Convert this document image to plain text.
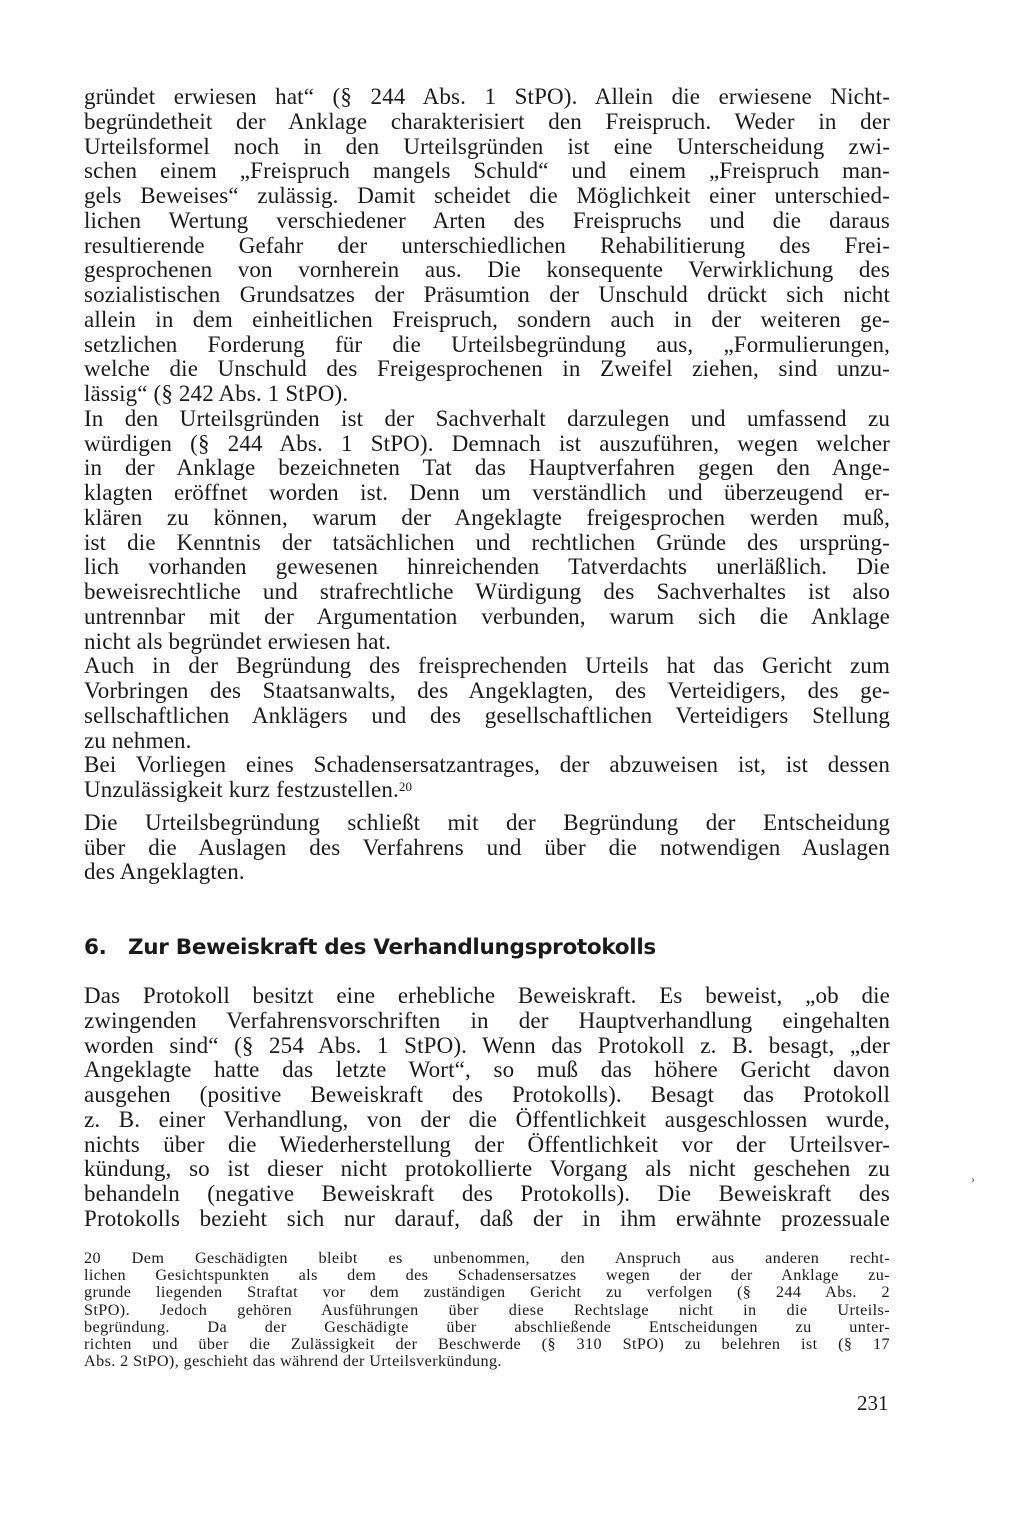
gründet erwiesen hat“ (§ 244 Abs. 1 StPO). Allein die erwiesene Nicht-
begründetheit der Anklage charakterisiert den Freispruch. Weder in der
Urteilsformel noch in den Urteilsgründen ist eine Unterscheidung zwi-
schen einem „Freispruch mangels Schuld“ und einem „Freispruch man-
gels Beweises“ zulässig. Damit scheidet die Möglichkeit einer unterschied-
lichen Wertung verschiedener Arten des Freispruchs und die daraus
resultierende Gefahr der unterschiedlichen Rehabilitierung des Frei-
gesprochenen von vornherein aus. Die konsequente Verwirklichung des
sozialistischen Grundsatzes der Präsumtion der Unschuld drückt sich nicht
allein in dem einheitlichen Freispruch, sondern auch in der weiteren ge-
setzlichen Forderung für die Urteilsbegründung aus, „Formulierungen,
welche die Unschuld des Freigesprochenen in Zweifel ziehen, sind unzu-
lässig“ (§ 242 Abs. 1 StPO).
In den Urteilsgründen ist der Sachverhalt darzulegen und umfassend zu
würdigen (§ 244 Abs. 1 StPO). Demnach ist auszuführen, wegen welcher
in der Anklage bezeichneten Tat das Hauptverfahren gegen den Ange-
klagten eröffnet worden ist. Denn um verständlich und überzeugend er-
klären zu können, warum der Angeklagte freigesprochen werden muß,
ist die Kenntnis der tatsächlichen und rechtlichen Gründe des ursprüng-
lich vorhanden gewesenen hinreichenden Tatverdachts unerläßlich. Die
beweisrechtliche und strafrechtliche Würdigung des Sachverhaltes ist also
untrennbar mit der Argumentation verbunden, warum sich die Anklage
nicht als begründet erwiesen hat.
Auch in der Begründung des freisprechenden Urteils hat das Gericht zum
Vorbringen des Staatsanwalts, des Angeklagten, des Verteidigers, des ge-
sellschaftlichen Anklägers und des gesellschaftlichen Verteidigers Stellung
zu nehmen.
Bei Vorliegen eines Schadensersatzantrages, der abzuweisen ist, ist dessen
Unzulässigkeit kurz festzustellen.$^{20}$
Die Urteilsbegründung schließt mit der Begründung der Entscheidung
über die Auslagen des Verfahrens und über die notwendigen Auslagen
des Angeklagten.
6. Zur Beweiskraft des Verhandlungsprotokolls
Das Protokoll besitzt eine erhebliche Beweiskraft. Es beweist, „ob die
zwingenden Verfahrensvorschriften in der Hauptverhandlung eingehalten
worden sind“ (§ 254 Abs. 1 StPO). Wenn das Protokoll z. B. besagt, „der
Angeklagte hatte das letzte Wort“, so muß das höhere Gericht davon
ausgehen (positive Beweiskraft des Protokolls). Besagt das Protokoll
z. B. einer Verhandlung, von der die Öffentlichkeit ausgeschlossen wurde,
nichts über die Wiederherstellung der Öffentlichkeit vor der Urteilsver-
kündung, so ist dieser nicht protokollierte Vorgang als nicht geschehen zu
behandeln (negative Beweiskraft des Protokolls). Die Beweiskraft des
Protokolls bezieht sich nur darauf, daß der in ihm erwähnte prozessuale
20 Dem Geschädigten bleibt es unbenommen, den Anspruch aus anderen recht-
lichen Gesichtspunkten als dem des Schadensersatzes wegen der der Anklage zu-
grunde liegenden Straftat vor dem zuständigen Gericht zu verfolgen (§ 244 Abs. 2
StPO). Jedoch gehören Ausführungen über diese Rechtslage nicht in die Urteils-
begründung. Da der Geschädigte über abschließende Entscheidungen zu unter-
richten und über die Zulässigkeit der Beschwerde (§ 310 StPO) zu belehren ist (§ 17
Abs. 2 StPO), geschieht das während der Urteilsverkündung.
231
›
